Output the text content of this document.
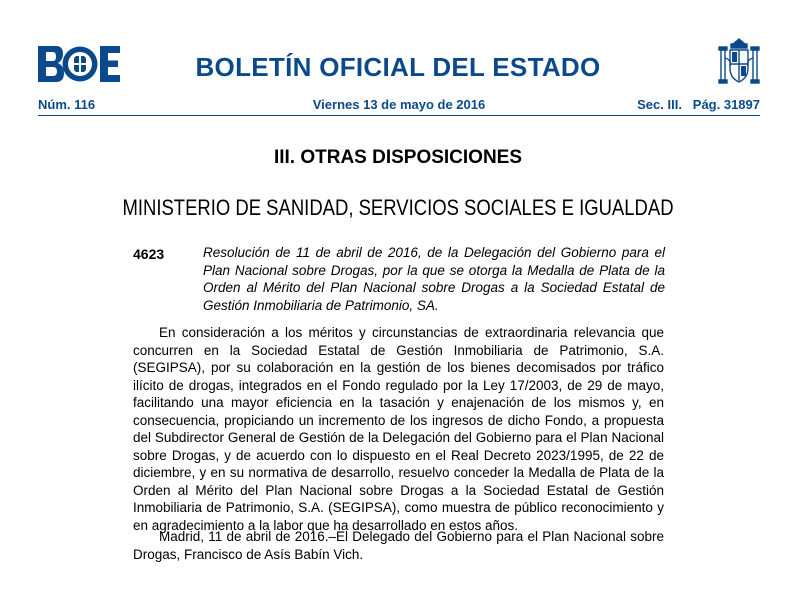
BOLETÍN OFICIAL DEL ESTADO
Núm. 116	Viernes 13 de mayo de 2016	Sec. III.   Pág. 31897
III. OTRAS DISPOSICIONES
MINISTERIO DE SANIDAD, SERVICIOS SOCIALES E IGUALDAD
4623	Resolución de 11 de abril de 2016, de la Delegación del Gobierno para el Plan Nacional sobre Drogas, por la que se otorga la Medalla de Plata de la Orden al Mérito del Plan Nacional sobre Drogas a la Sociedad Estatal de Gestión Inmobiliaria de Patrimonio, SA.
En consideración a los méritos y circunstancias de extraordinaria relevancia que concurren en la Sociedad Estatal de Gestión Inmobiliaria de Patrimonio, S.A. (SEGIPSA), por su colaboración en la gestión de los bienes decomisados por tráfico ilícito de drogas, integrados en el Fondo regulado por la Ley 17/2003, de 29 de mayo, facilitando una mayor eficiencia en la tasación y enajenación de los mismos y, en consecuencia, propiciando un incremento de los ingresos de dicho Fondo, a propuesta del Subdirector General de Gestión de la Delegación del Gobierno para el Plan Nacional sobre Drogas, y de acuerdo con lo dispuesto en el Real Decreto 2023/1995, de 22 de diciembre, y en su normativa de desarrollo, resuelvo conceder la Medalla de Plata de la Orden al Mérito del Plan Nacional sobre Drogas a la Sociedad Estatal de Gestión Inmobiliaria de Patrimonio, S.A. (SEGIPSA), como muestra de público reconocimiento y en agradecimiento a la labor que ha desarrollado en estos años.
Madrid, 11 de abril de 2016.–El Delegado del Gobierno para el Plan Nacional sobre Drogas, Francisco de Asís Babín Vich.
